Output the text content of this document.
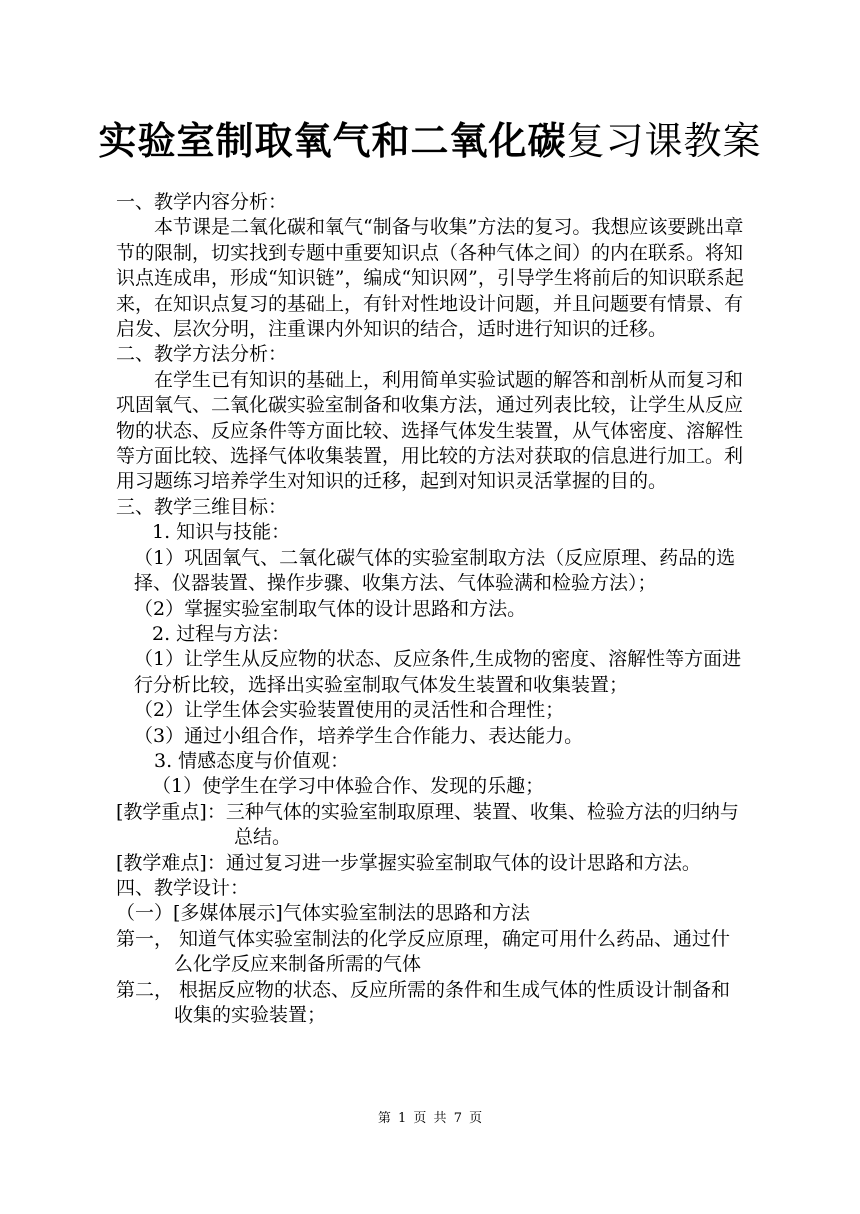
实验室制取氧气和二氧化碳复习课教案

一、教学内容分析：

本节课是二氧化碳和氧气“制备与收集”方法的复习。我想应该要跳出章节的限制，切实找到专题中重要知识点（各种气体之间）的内在联系。将知识点连成串，形成“知识链”，编成“知识网”，引导学生将前后的知识联系起来，在知识点复习的基础上，有针对性地设计问题，并且问题要有情景、有启发、层次分明，注重课内外知识的结合，适时进行知识的迁移。

二、教学方法分析：

在学生已有知识的基础上，利用简单实验试题的解答和剖析从而复习和巩固氧气、二氧化碳实验室制备和收集方法，通过列表比较，让学生从反应物的状态、反应条件等方面比较、选择气体发生装置，从气体密度、溶解性等方面比较、选择气体收集装置，用比较的方法对获取的信息进行加工。利用习题练习培养学生对知识的迁移，起到对知识灵活掌握的目的。

三、教学三维目标：

1. 知识与技能：

（1）巩固氧气、二氧化碳气体的实验室制取方法（反应原理、药品的选择、仪器装置、操作步骤、收集方法、气体验满和检验方法）；

（2）掌握实验室制取气体的设计思路和方法。

2. 过程与方法：

（1）让学生从反应物的状态、反应条件,生成物的密度、溶解性等方面进行分析比较，选择出实验室制取气体发生装置和收集装置；

（2）让学生体会实验装置使用的灵活性和合理性；

（3）通过小组合作，培养学生合作能力、表达能力。

3. 情感态度与价值观：

（1）使学生在学习中体验合作、发现的乐趣；

[教学重点]：三种气体的实验室制取原理、装置、收集、检验方法的归纳与总结。

[教学难点]：通过复习进一步掌握实验室制取气体的设计思路和方法。

四、教学设计：

（一）[多媒体展示]气体实验室制法的思路和方法

第一， 知道气体实验室制法的化学反应原理，确定可用什么药品、通过什么化学反应来制备所需的气体

第二， 根据反应物的状态、反应所需的条件和生成气体的性质设计制备和收集的实验装置；

第 1 页 共 7 页
